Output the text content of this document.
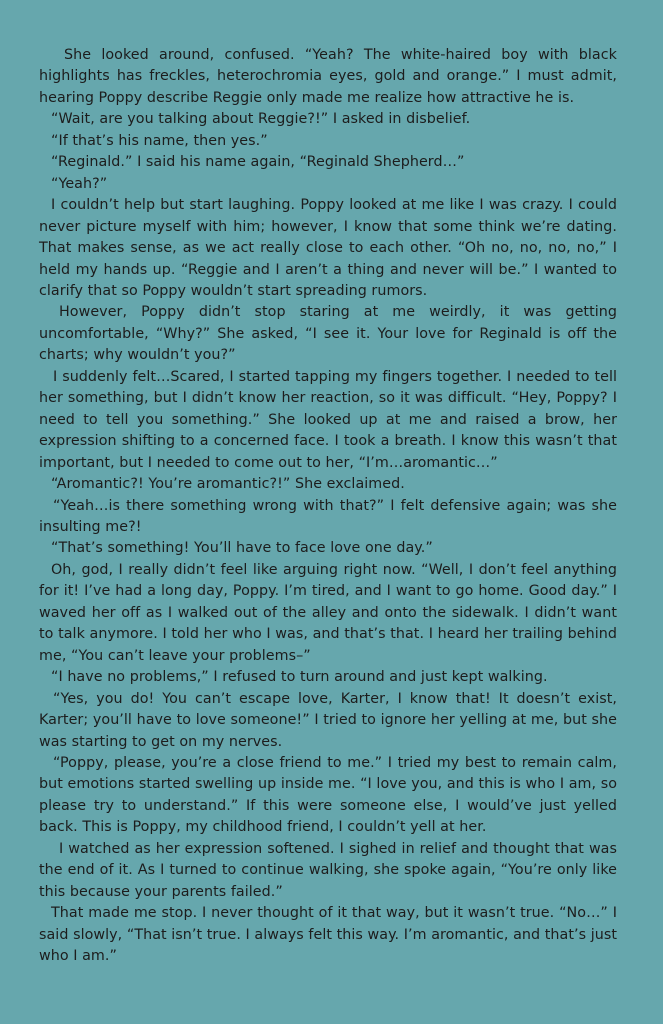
She looked around, confused. “Yeah? The white-haired boy with black highlights has freckles, heterochromia eyes, gold and orange.” I must admit, hearing Poppy describe Reggie only made me realize how attractive he is.

“Wait, are you talking about Reggie?!” I asked in disbelief.

“If that’s his name, then yes.”

“Reginald.” I said his name again, “Reginald Shepherd…”

“Yeah?”

I couldn’t help but start laughing. Poppy looked at me like I was crazy. I could never picture myself with him; however, I know that some think we’re dating. That makes sense, as we act really close to each other. “Oh no, no, no, no,” I held my hands up. “Reggie and I aren’t a thing and never will be.” I wanted to clarify that so Poppy wouldn’t start spreading rumors.

However, Poppy didn’t stop staring at me weirdly, it was getting uncomfortable, “Why?” She asked, “I see it. Your love for Reginald is off the charts; why wouldn’t you?”

I suddenly felt…Scared, I started tapping my fingers together. I needed to tell her something, but I didn’t know her reaction, so it was difficult. “Hey, Poppy? I need to tell you something.” She looked up at me and raised a brow, her expression shifting to a concerned face. I took a breath. I know this wasn’t that important, but I needed to come out to her, “I’m…aromantic…”

“Aromantic?! You’re aromantic?!” She exclaimed.

“Yeah…is there something wrong with that?” I felt defensive again; was she insulting me?!

“That’s something! You’ll have to face love one day.”

Oh, god, I really didn’t feel like arguing right now. “Well, I don’t feel anything for it! I’ve had a long day, Poppy. I’m tired, and I want to go home. Good day.” I waved her off as I walked out of the alley and onto the sidewalk. I didn’t want to talk anymore. I told her who I was, and that’s that. I heard her trailing behind me, “You can’t leave your problems–”

“I have no problems,” I refused to turn around and just kept walking.

“Yes, you do! You can’t escape love, Karter, I know that! It doesn’t exist, Karter; you’ll have to love someone!” I tried to ignore her yelling at me, but she was starting to get on my nerves.

“Poppy, please, you’re a close friend to me.” I tried my best to remain calm, but emotions started swelling up inside me. “I love you, and this is who I am, so please try to understand.” If this were someone else, I would’ve just yelled back. This is Poppy, my childhood friend, I couldn’t yell at her.

I watched as her expression softened. I sighed in relief and thought that was the end of it. As I turned to continue walking, she spoke again, “You’re only like this because your parents failed.”

That made me stop. I never thought of it that way, but it wasn’t true. “No…” I said slowly, “That isn’t true. I always felt this way. I’m aromantic, and that’s just who I am.”
